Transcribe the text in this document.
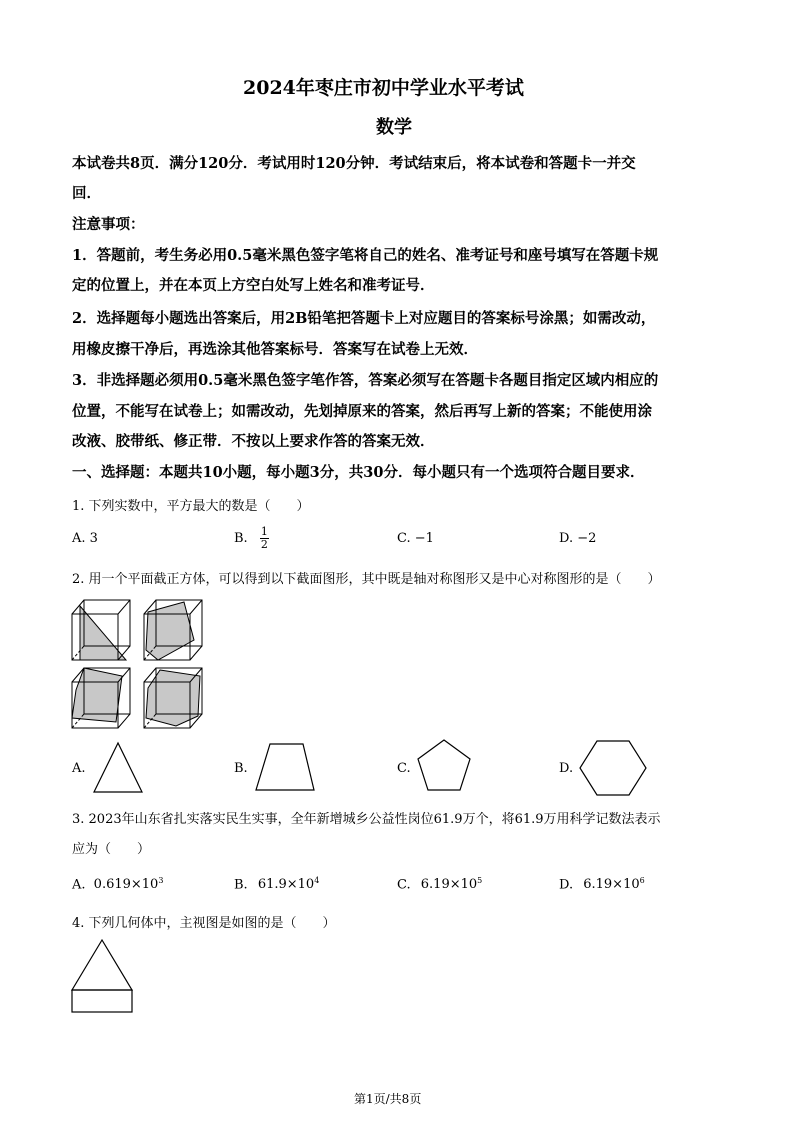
2024年枣庄市初中学业水平考试
数学
本试卷共8页．满分120分．考试用时120分钟．考试结束后，将本试卷和答题卡一并交
回．
注意事项：
1．答题前，考生务必用0.5毫米黑色签字笔将自己的姓名、准考证号和座号填写在答题卡规
定的位置上，并在本页上方空白处写上姓名和准考证号．
2．选择题每小题选出答案后，用2B铅笔把答题卡上对应题目的答案标号涂黑；如需改动，
用橡皮擦干净后，再选涂其他答案标号．答案写在试卷上无效．
3．非选择题必须用0.5毫米黑色签字笔作答，答案必须写在答题卡各题目指定区域内相应的
位置，不能写在试卷上；如需改动，先划掉原来的答案，然后再写上新的答案；不能使用涂
改液、胶带纸、修正带．不按以上要求作答的答案无效．
一、选择题：本题共10小题，每小题3分，共30分．每小题只有一个选项符合题目要求．
1. 下列实数中，平方最大的数是（　　）
A. 3	B. $\frac{1}{2}$	C. −1	D. −2
2. 用一个平面截正方体，可以得到以下截面图形，其中既是轴对称图形又是中心对称图形的是（　　）
A.	B.	C.	D.
3. 2023年山东省扎实落实民生实事，全年新增城乡公益性岗位61.9万个，将61.9万用科学记数法表示
应为（　　）
A. $0.619\times 10^3$	B. $61.9\times 10^4$	C. $6.19\times 10^5$	D. $6.19\times 10^6$
4. 下列几何体中，主视图是如图的是（　　）
第1页/共8页
